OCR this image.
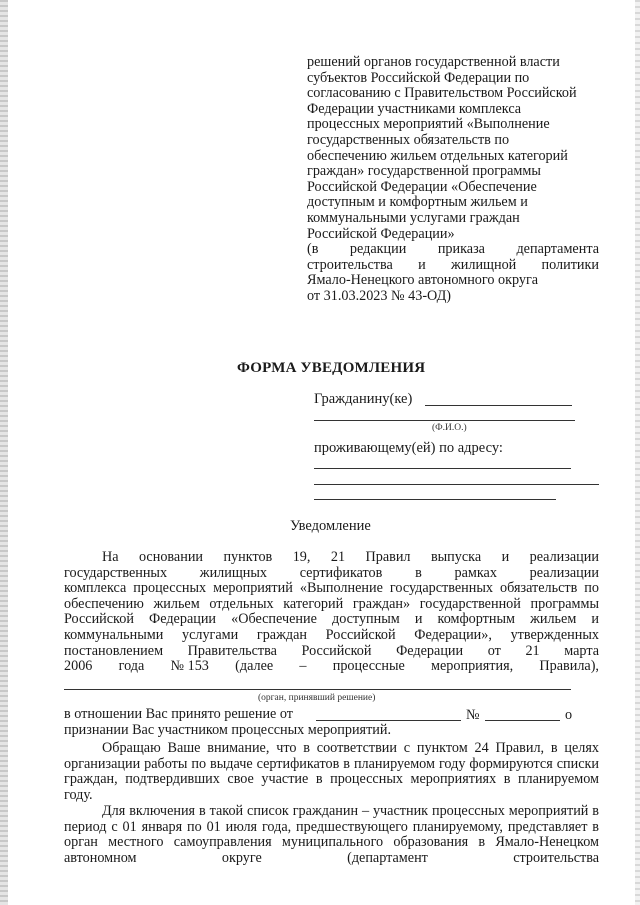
решений органов государственной власти
субъектов Российской Федерации по
согласованию с Правительством Российской
Федерации участниками комплекса
процессных мероприятий «Выполнение
государственных обязательств по
обеспечению жильем отдельных категорий
граждан» государственной программы
Российской Федерации «Обеспечение
доступным и комфортным жильем и
коммунальными услугами граждан
Российской Федерации»
(в редакции приказа департамента
строительства и жилищной политики
Ямало-Ненецкого автономного округа
от 31.03.2023 № 43-ОД)
ФОРМА УВЕДОМЛЕНИЯ
Гражданину(ке)
(Ф.И.О.)
проживающему(ей) по адресу:
Уведомление
На основании пунктов 19, 21 Правил выпуска и реализации
государственных жилищных сертификатов в рамках реализации
комплекса процессных мероприятий «Выполнение государственных обязательств по обеспечению жильем отдельных категорий граждан» государственной программы Российской Федерации «Обеспечение доступным и комфортным жильем и коммунальными услугами граждан Российской Федерации», утвержденных постановлением Правительства Российской Федерации от 21 марта
2006 года № 153 (далее – процессные мероприятия, Правила),
(орган, принявший решение)
в отношении Вас принято решение от	№	о
признании Вас участником процессных мероприятий.
Обращаю Ваше внимание, что в соответствии с пунктом 24 Правил, в целях организации работы по выдаче сертификатов в планируемом году формируются списки граждан, подтвердивших свое участие в процессных мероприятиях в планируемом году.
Для включения в такой список гражданин – участник процессных мероприятий в период с 01 января по 01 июля года, предшествующего планируемому, представляет в орган местного самоуправления муниципального образования в Ямало-Ненецком автономном округе (департамент строительства
